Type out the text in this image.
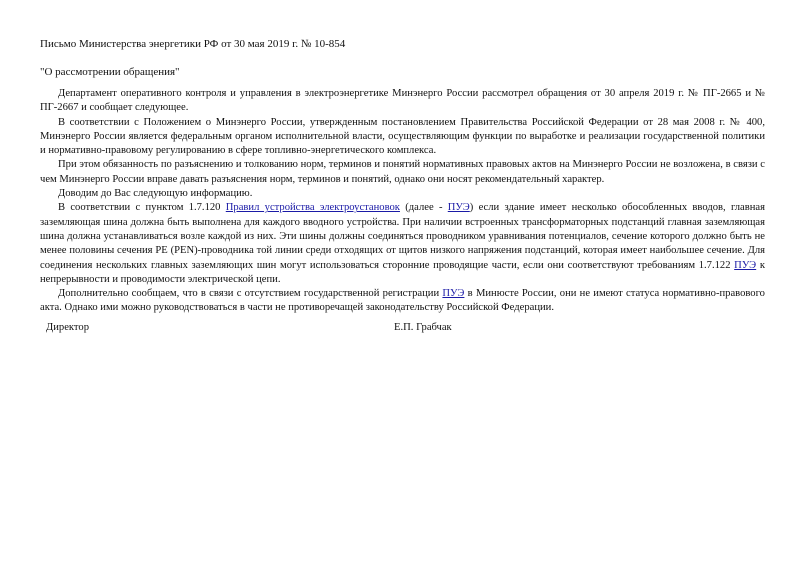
Письмо Министерства энергетики РФ от 30 мая 2019 г. № 10-854
"О рассмотрении обращения"

Департамент оперативного контроля и управления в электроэнергетике Минэнерго России рассмотрел обращения от 30 апреля 2019 г. № ПГ-2665 и № ПГ-2667 и сообщает следующее.

В соответствии с Положением о Минэнерго России, утвержденным постановлением Правительства Российской Федерации от 28 мая 2008 г. № 400, Минэнерго России является федеральным органом исполнительной власти, осуществляющим функции по выработке и реализации государственной политики и нормативно-правовому регулированию в сфере топливно-энергетического комплекса.

При этом обязанность по разъяснению и толкованию норм, терминов и понятий нормативных правовых актов на Минэнерго России не возложена, в связи с чем Минэнерго России вправе давать разъяснения норм, терминов и понятий, однако они носят рекомендательный характер.

Доводим до Вас следующую информацию.

В соответствии с пунктом 1.7.120 Правил устройства электроустановок (далее - ПУЭ) если здание имеет несколько обособленных вводов, главная заземляющая шина должна быть выполнена для каждого вводного устройства. При наличии встроенных трансформаторных подстанций главная заземляющая шина должна устанавливаться возле каждой из них. Эти шины должны соединяться проводником уравнивания потенциалов, сечение которого должно быть не менее половины сечения PE (PEN)-проводника той линии среди отходящих от щитов низкого напряжения подстанций, которая имеет наибольшее сечение. Для соединения нескольких главных заземляющих шин могут использоваться сторонние проводящие части, если они соответствуют требованиям 1.7.122 ПУЭ к непрерывности и проводимости электрической цепи.

Дополнительно сообщаем, что в связи с отсутствием государственной регистрации ПУЭ в Минюсте России, они не имеют статуса нормативно-правового акта. Однако ими можно руководствоваться в части не противоречащей законодательству Российской Федерации.

Директор	Е.П. Грабчак
